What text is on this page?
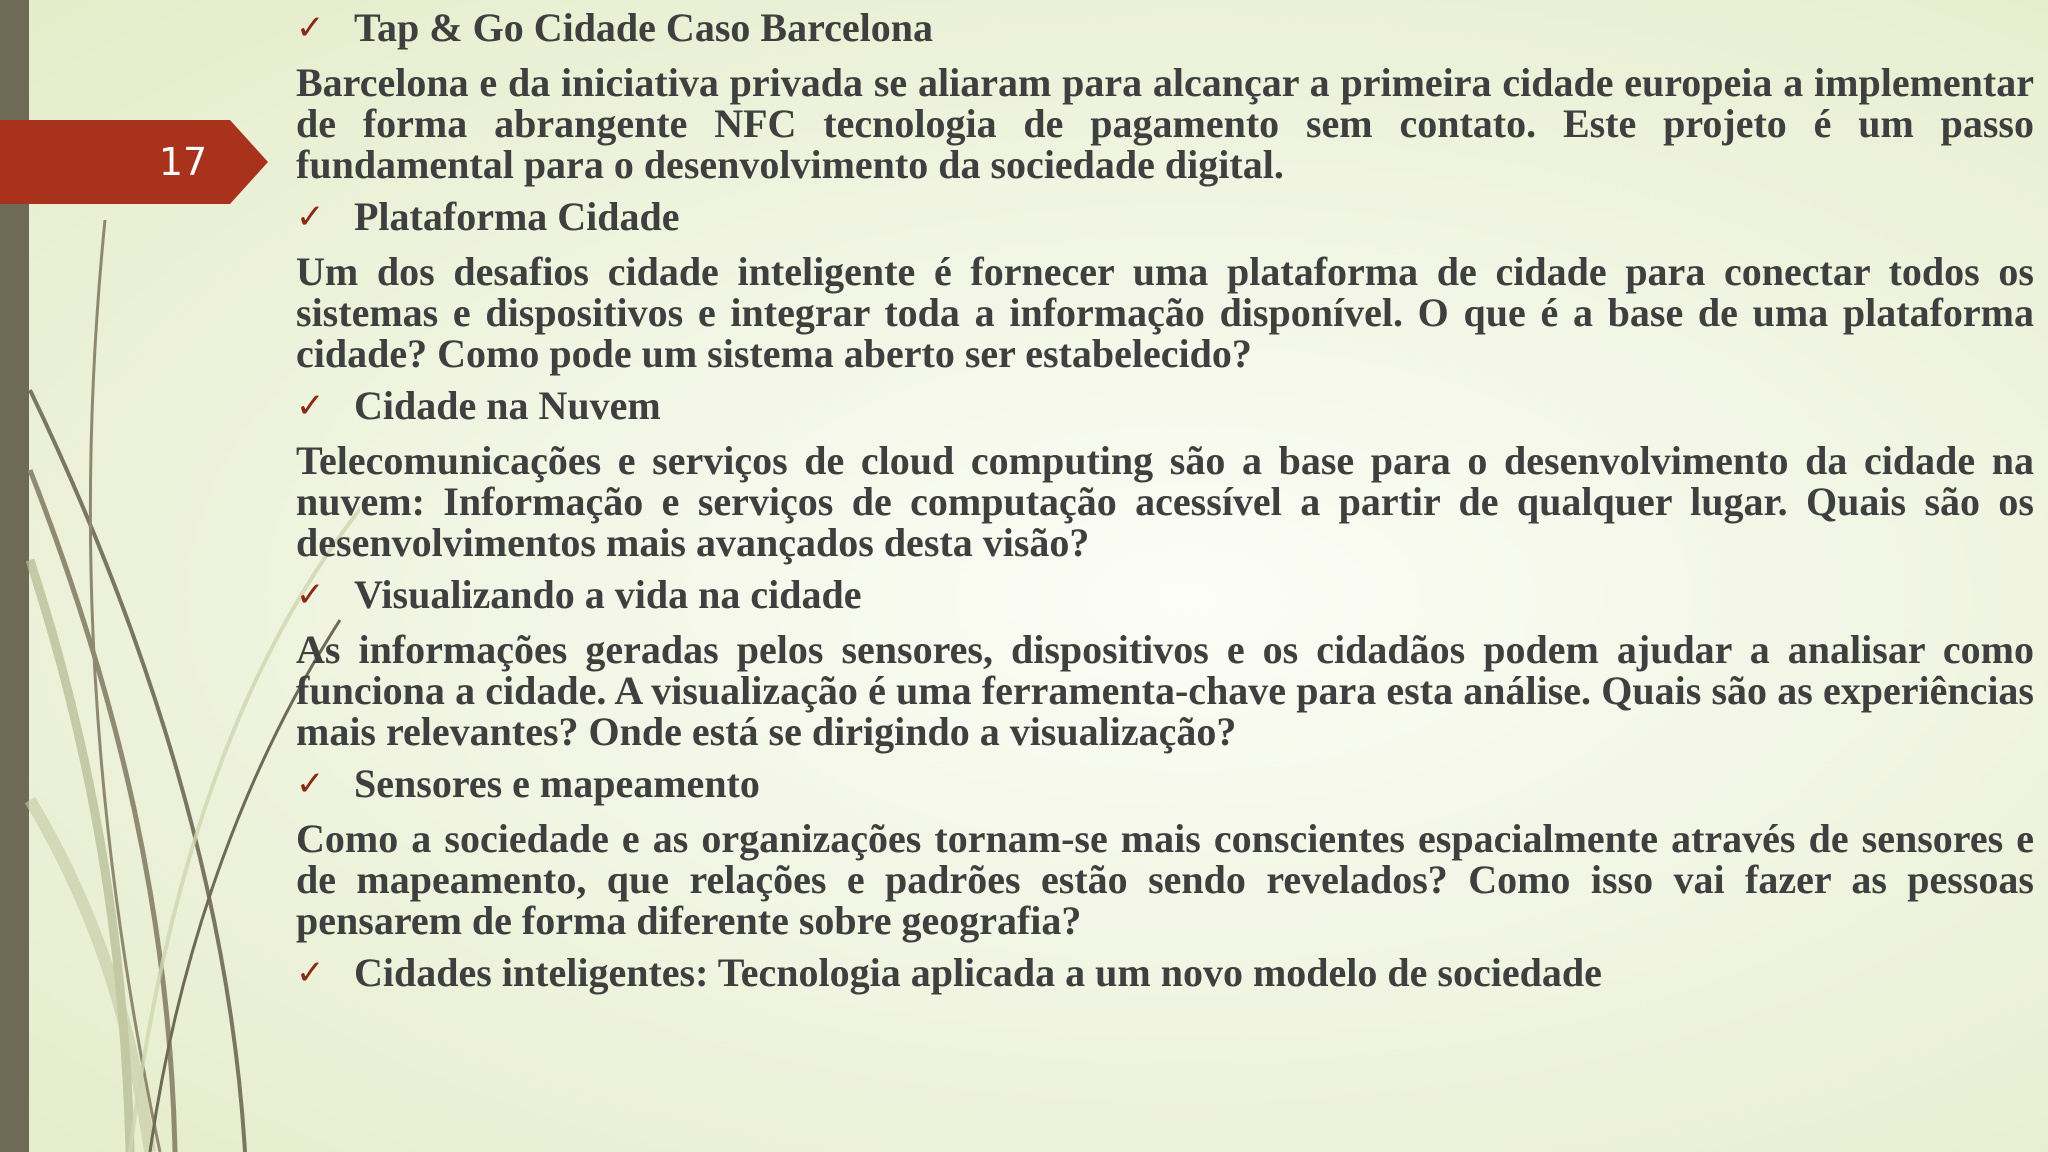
17
✓ Tap & Go Cidade Caso Barcelona

Barcelona e da iniciativa privada se aliaram para alcançar a primeira cidade europeia a implementar de forma abrangente NFC tecnologia de pagamento sem contato. Este projeto é um passo fundamental para o desenvolvimento da sociedade digital.

✓ Plataforma Cidade

Um dos desafios cidade inteligente é fornecer uma plataforma de cidade para conectar todos os sistemas e dispositivos e integrar toda a informação disponível. O que é a base de uma plataforma cidade? Como pode um sistema aberto ser estabelecido?

✓ Cidade na Nuvem

Telecomunicações e serviços de cloud computing são a base para o desenvolvimento da cidade na nuvem: Informação e serviços de computação acessível a partir de qualquer lugar. Quais são os desenvolvimentos mais avançados desta visão?

✓ Visualizando a vida na cidade

As informações geradas pelos sensores, dispositivos e os cidadãos podem ajudar a analisar como funciona a cidade. A visualização é uma ferramenta-chave para esta análise. Quais são as experiências mais relevantes? Onde está se dirigindo a visualização?

✓ Sensores e mapeamento

Como a sociedade e as organizações tornam-se mais conscientes espacialmente através de sensores e de mapeamento, que relações e padrões estão sendo revelados? Como isso vai fazer as pessoas pensarem de forma diferente sobre geografia?

✓ Cidades inteligentes: Tecnologia aplicada a um novo modelo de sociedade
